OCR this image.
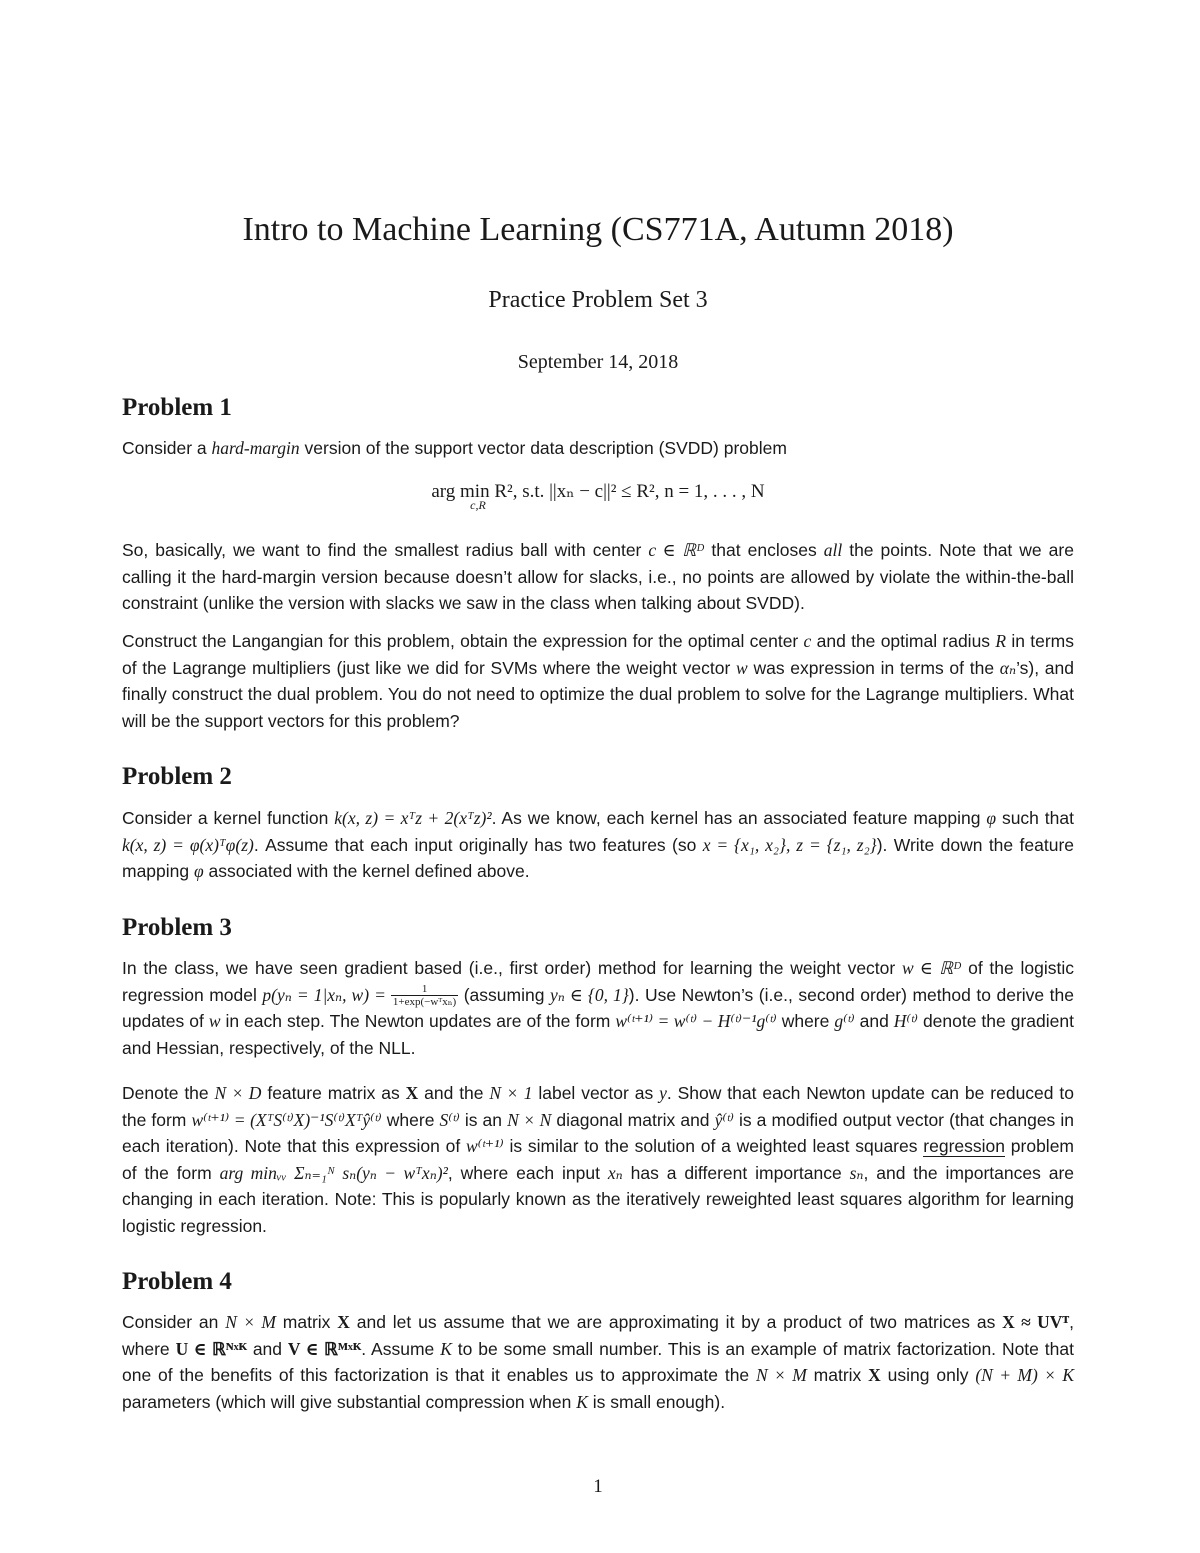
Intro to Machine Learning (CS771A, Autumn 2018)
Practice Problem Set 3
September 14, 2018
Problem 1
Consider a hard-margin version of the support vector data description (SVDD) problem
arg min R², s.t. ||xₙ − c||² ≤ R², n = 1, . . . , N
c,R
So, basically, we want to find the smallest radius ball with center c ∈ ℝᴰ that encloses all the points. Note that we are calling it the hard-margin version because doesn’t allow for slacks, i.e., no points are allowed by violate the within-the-ball constraint (unlike the version with slacks we saw in the class when talking about SVDD).
Construct the Langangian for this problem, obtain the expression for the optimal center c and the optimal radius R in terms of the Lagrange multipliers (just like we did for SVMs where the weight vector w was expression in terms of the αₙ’s), and finally construct the dual problem. You do not need to optimize the dual problem to solve for the Lagrange multipliers. What will be the support vectors for this problem?
Problem 2
Consider a kernel function k(x, z) = xᵀz + 2(xᵀz)². As we know, each kernel has an associated feature mapping φ such that k(x, z) = φ(x)ᵀφ(z). Assume that each input originally has two features (so x = {x₁, x₂}, z = {z₁, z₂}). Write down the feature mapping φ associated with the kernel defined above.
Problem 3
In the class, we have seen gradient based (i.e., first order) method for learning the weight vector w ∈ ℝᴰ of the logistic regression model p(yₙ = 1|xₙ, $w) = \frac{1}{\text{1+exp(−wᵀxₙ)}}$ (assuming yₙ ∈ {0, 1}). Use Newton’s (i.e., second order) method to derive the updates of w in each step. The Newton updates are of the form w⁽ᵗ⁺¹⁾ = w⁽ᵗ⁾ − H⁽ᵗ⁾⁻¹g⁽ᵗ⁾ where g⁽ᵗ⁾ and H⁽ᵗ⁾ denote the gradient and Hessian, respectively, of the NLL.
Denote the N × D feature matrix as X and the N × 1 label vector as y. Show that each Newton update can be reduced to the form w⁽ᵗ⁺¹⁾ = (XᵀS⁽ᵗ⁾X)⁻¹S⁽ᵗ⁾Xᵀŷ⁽ᵗ⁾ where S⁽ᵗ⁾ is an N × N diagonal matrix and ŷ⁽ᵗ⁾ is a modified output vector (that changes in each iteration). Note that this expression of w⁽ᵗ⁺¹⁾ is similar to the solution of a weighted least squares regression problem of the form arg minᵥᵥ Σₙ₌₁ᴺ sₙ(yₙ − wᵀxₙ)², where each input xₙ has a different importance sₙ, and the importances are changing in each iteration. Note: This is popularly known as the iteratively reweighted least squares algorithm for learning logistic regression.
Problem 4
Consider an N × M matrix X and let us assume that we are approximating it by a product of two matrices as X ≈ UVᵀ, where U ∈ ℝᴺˣᴷ and V ∈ ℝᴹˣᴷ. Assume K to be some small number. This is an example of matrix factorization. Note that one of the benefits of this factorization is that it enables us to approximate the N × M matrix X using only (N + M) × K parameters (which will give substantial compression when K is small enough).
1
